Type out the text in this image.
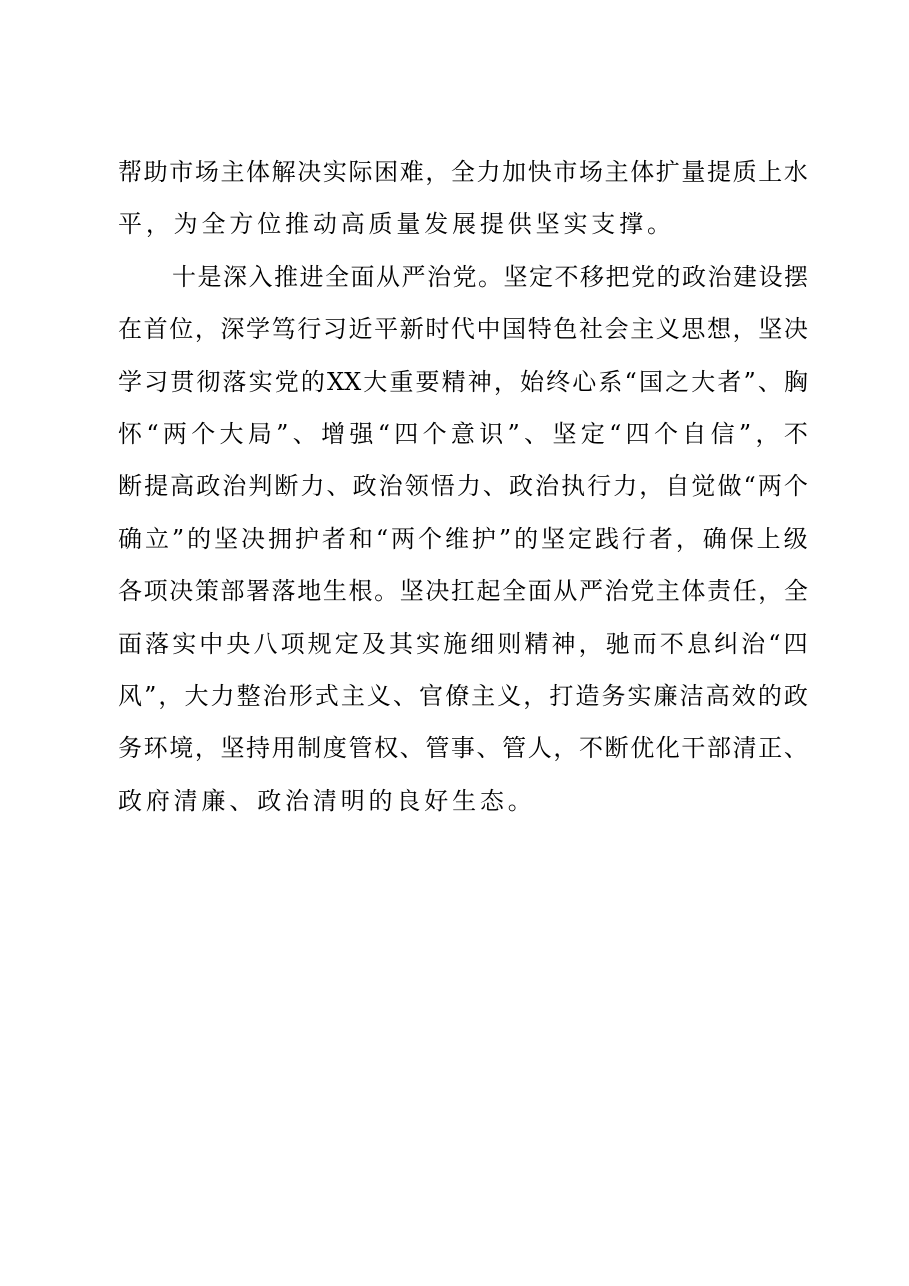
帮 助 市 场 主 体 解 决 实 际 困 难 ， 全 力 加 快 市 场 主 体 扩 量 提 质 上 水
平，为全方位推动高质量发展提供坚实支撑。
十 是 深 入 推 进 全 面 从 严 治 党 。 坚 定 不 移 把 党 的 政 治 建 设 摆
在 首 位 ， 深 学 笃 行 习 近 平 新 时 代 中 国 特 色 社 会 主 义 思 想 ， 坚 决
学 习 贯 彻 落 实 党 的 XX 大 重 要 精 神 ， 始 终 心 系 “ 国 之 大 者 ” 、 胸
怀 “ 两 个 大 局 ” 、 增 强 “ 四 个 意 识 ” 、 坚 定 “ 四 个 自 信 ” ， 不
断 提 高 政 治 判 断 力 、 政 治 领 悟 力 、 政 治 执 行 力 ， 自 觉 做 “ 两 个
确 立 ” 的 坚 决 拥 护 者 和 “ 两 个 维 护 ” 的 坚 定 践 行 者 ， 确 保 上 级
各 项 决 策 部 署 落 地 生 根 。 坚 决 扛 起 全 面 从 严 治 党 主 体 责 任 ， 全
面 落 实 中 央 八 项 规 定 及 其 实 施 细 则 精 神 ， 驰 而 不 息 纠 治 “ 四
风 ” ， 大 力 整 治 形 式 主 义 、 官 僚 主 义 ， 打 造 务 实 廉 洁 高 效 的 政
务 环 境 ， 坚 持 用 制 度 管 权 、 管 事 、 管 人 ， 不 断 优 化 干 部 清 正 、
政府清廉、政治清明的良好生态。
